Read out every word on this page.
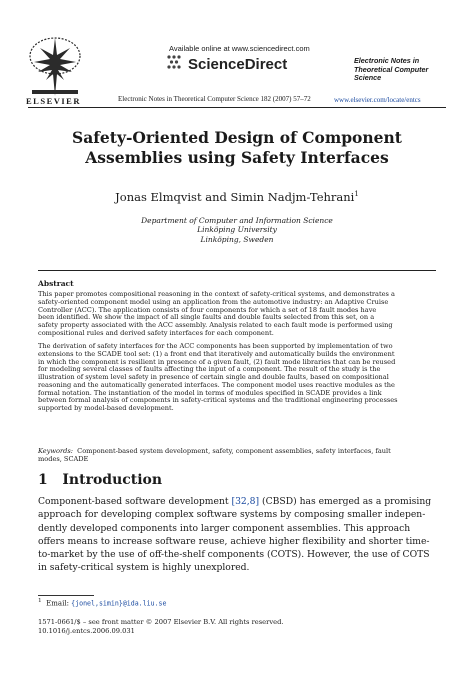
ELSEVIER
Available online at www.sciencedirect.com
ScienceDirect
Electronic Notes in Theoretical Computer Science 182 (2007) 57–72
Electronic Notes in
Theoretical Computer
Science
www.elsevier.com/locate/entcs
Safety-Oriented Design of Component
Assemblies using Safety Interfaces
Jonas Elmqvist and Simin Nadjm-Tehrani$^1$
Department of Computer and Information Science
Linköping University
Linköping, Sweden
Abstract
This paper promotes compositional reasoning in the context of safety-critical systems, and demonstrates a
safety-oriented component model using an application from the automotive industry: an Adaptive Cruise
Controller (ACC). The application consists of four components for which a set of 18 fault modes have
been identified. We show the impact of all single faults and double faults selected from this set, on a
safety property associated with the ACC assembly. Analysis related to each fault mode is performed using
compositional rules and derived safety interfaces for each component.
The derivation of safety interfaces for the ACC components has been supported by implementation of two
extensions to the SCADE tool set: (1) a front end that iteratively and automatically builds the environment
in which the component is resilient in presence of a given fault, (2) fault mode libraries that can be reused
for modeling several classes of faults affecting the input of a component. The result of the study is the
illustration of system level safety in presence of certain single and double faults, based on compositional
reasoning and the automatically generated interfaces. The component model uses reactive modules as the
formal notation. The instantiation of the model in terms of modules specified in SCADE provides a link
between formal analysis of components in safety-critical systems and the traditional engineering processes
supported by model-based development.
Keywords: Component-based system development, safety, component assemblies, safety interfaces, fault
modes, SCADE
1 Introduction
Component-based software development [32,8] (CBSD) has emerged as a promising
approach for developing complex software systems by composing smaller indepen-
dently developed components into larger component assemblies. This approach
offers means to increase software reuse, achieve higher flexibility and shorter time-
to-market by the use of off-the-shelf components (COTS). However, the use of COTS
in safety-critical system is highly unexplored.
$^1$ Email: {jonel,simin}@ida.liu.se
1571-0661/$ – see front matter © 2007 Elsevier B.V. All rights reserved.
10.1016/j.entcs.2006.09.031
